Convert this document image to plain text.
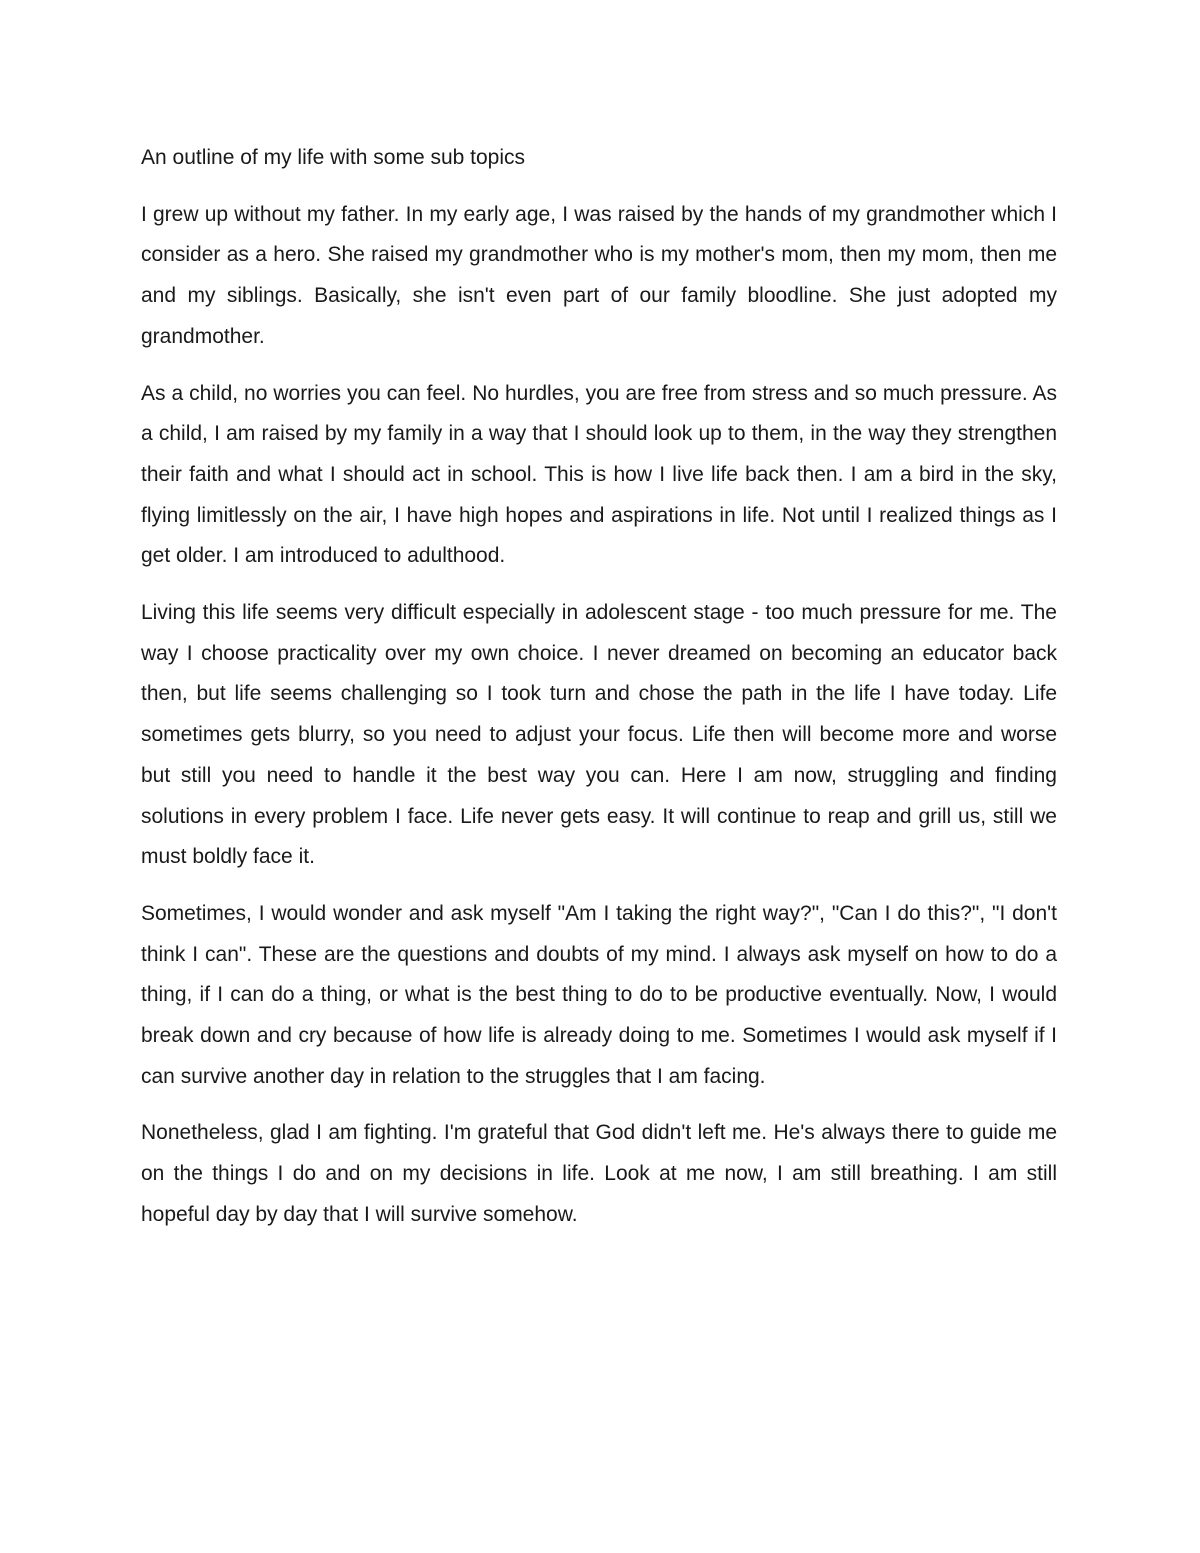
An outline of my life with some sub topics

I grew up without my father. In my early age, I was raised by the hands of my grandmother which I consider as a hero. She raised my grandmother who is my mother's mom, then my mom, then me and my siblings. Basically, she isn't even part of our family bloodline. She just adopted my grandmother.

As a child, no worries you can feel. No hurdles, you are free from stress and so much pressure. As a child, I am raised by my family in a way that I should look up to them, in the way they strengthen their faith and what I should act in school. This is how I live life back then. I am a bird in the sky, flying limitlessly on the air, I have high hopes and aspirations in life. Not until I realized things as I get older. I am introduced to adulthood.

Living this life seems very difficult especially in adolescent stage - too much pressure for me. The way I choose practicality over my own choice. I never dreamed on becoming an educator back then, but life seems challenging so I took turn and chose the path in the life I have today. Life sometimes gets blurry, so you need to adjust your focus. Life then will become more and worse but still you need to handle it the best way you can. Here I am now, struggling and finding solutions in every problem I face. Life never gets easy. It will continue to reap and grill us, still we must boldly face it.

Sometimes, I would wonder and ask myself "Am I taking the right way?", "Can I do this?", "I don't think I can". These are the questions and doubts of my mind. I always ask myself on how to do a thing, if I can do a thing, or what is the best thing to do to be productive eventually. Now, I would break down and cry because of how life is already doing to me. Sometimes I would ask myself if I can survive another day in relation to the struggles that I am facing.

Nonetheless, glad I am fighting. I'm grateful that God didn't left me. He's always there to guide me on the things I do and on my decisions in life. Look at me now, I am still breathing. I am still hopeful day by day that I will survive somehow.
